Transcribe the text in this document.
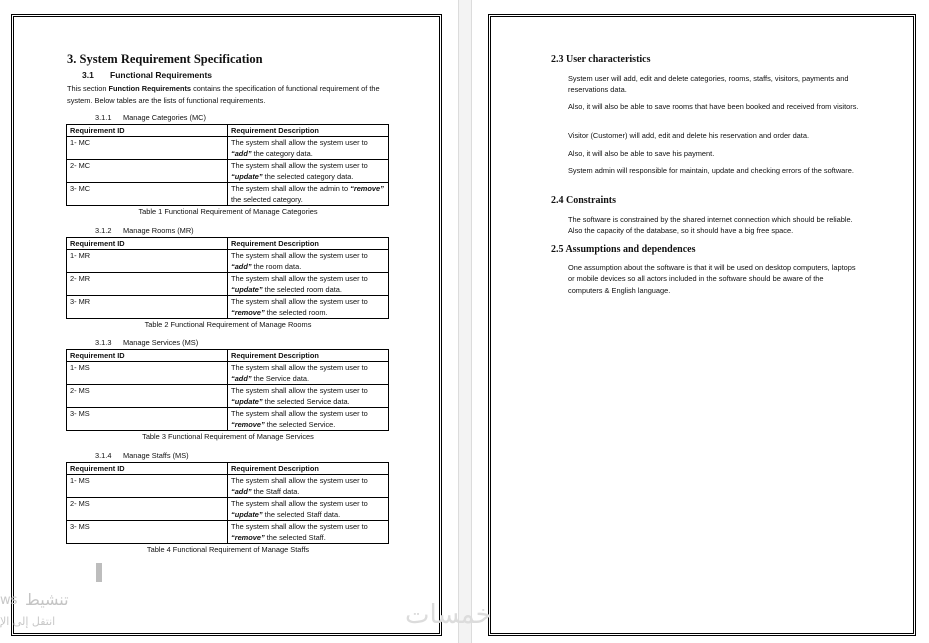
3. System Requirement Specification
3.1 Functional Requirements
This section Function Requirements contains the specification of functional requirement of the system. Below tables are the lists of functional requirements.
3.1.1 Manage Categories (MC)
Requirement ID	Requirement Description
1- MC	The system shall allow the system user to “add” the category data.
2- MC	The system shall allow the system user to “update” the selected category data.
3- MC	The system shall allow the admin to “remove” the selected category.
Table 1 Functional Requirement of Manage Categories
3.1.2 Manage Rooms (MR)
Requirement ID	Requirement Description
1- MR	The system shall allow the system user to “add” the room data.
2- MR	The system shall allow the system user to “update” the selected room data.
3- MR	The system shall allow the system user to “remove” the selected room.
Table 2 Functional Requirement of Manage Rooms
3.1.3 Manage Services (MS)
Requirement ID	Requirement Description
1- MS	The system shall allow the system user to “add” the Service data.
2- MS	The system shall allow the system user to “update” the selected Service data.
3- MS	The system shall allow the system user to “remove” the selected Service.
Table 3 Functional Requirement of Manage Services
3.1.4 Manage Staffs (MS)
Requirement ID	Requirement Description
1- MS	The system shall allow the system user to “add” the Staff data.
2- MS	The system shall allow the system user to “update” the selected Staff data.
3- MS	The system shall allow the system user to “remove” the selected Staff.
Table 4 Functional Requirement of Manage Staffs
2.3 User characteristics
System user will add, edit and delete categories, rooms, staffs, visitors, payments and reservations data.
Also, it will also be able to save rooms that have been booked and received from visitors.
Visitor (Customer) will add, edit and delete his reservation and order data.
Also, it will also be able to save his payment.
System admin will responsible for maintain, update and checking errors of the software.
2.4 Constraints
The software is constrained by the shared internet connection which should be reliable. Also the capacity of the database, so it should have a big free space.
2.5 Assumptions and dependences
One assumption about the software is that it will be used on desktop computers, laptops or mobile devices so all actors included in the software should be aware of the computers & English language.
ws تنشيط
انتقل إلى الإ	خمسات
